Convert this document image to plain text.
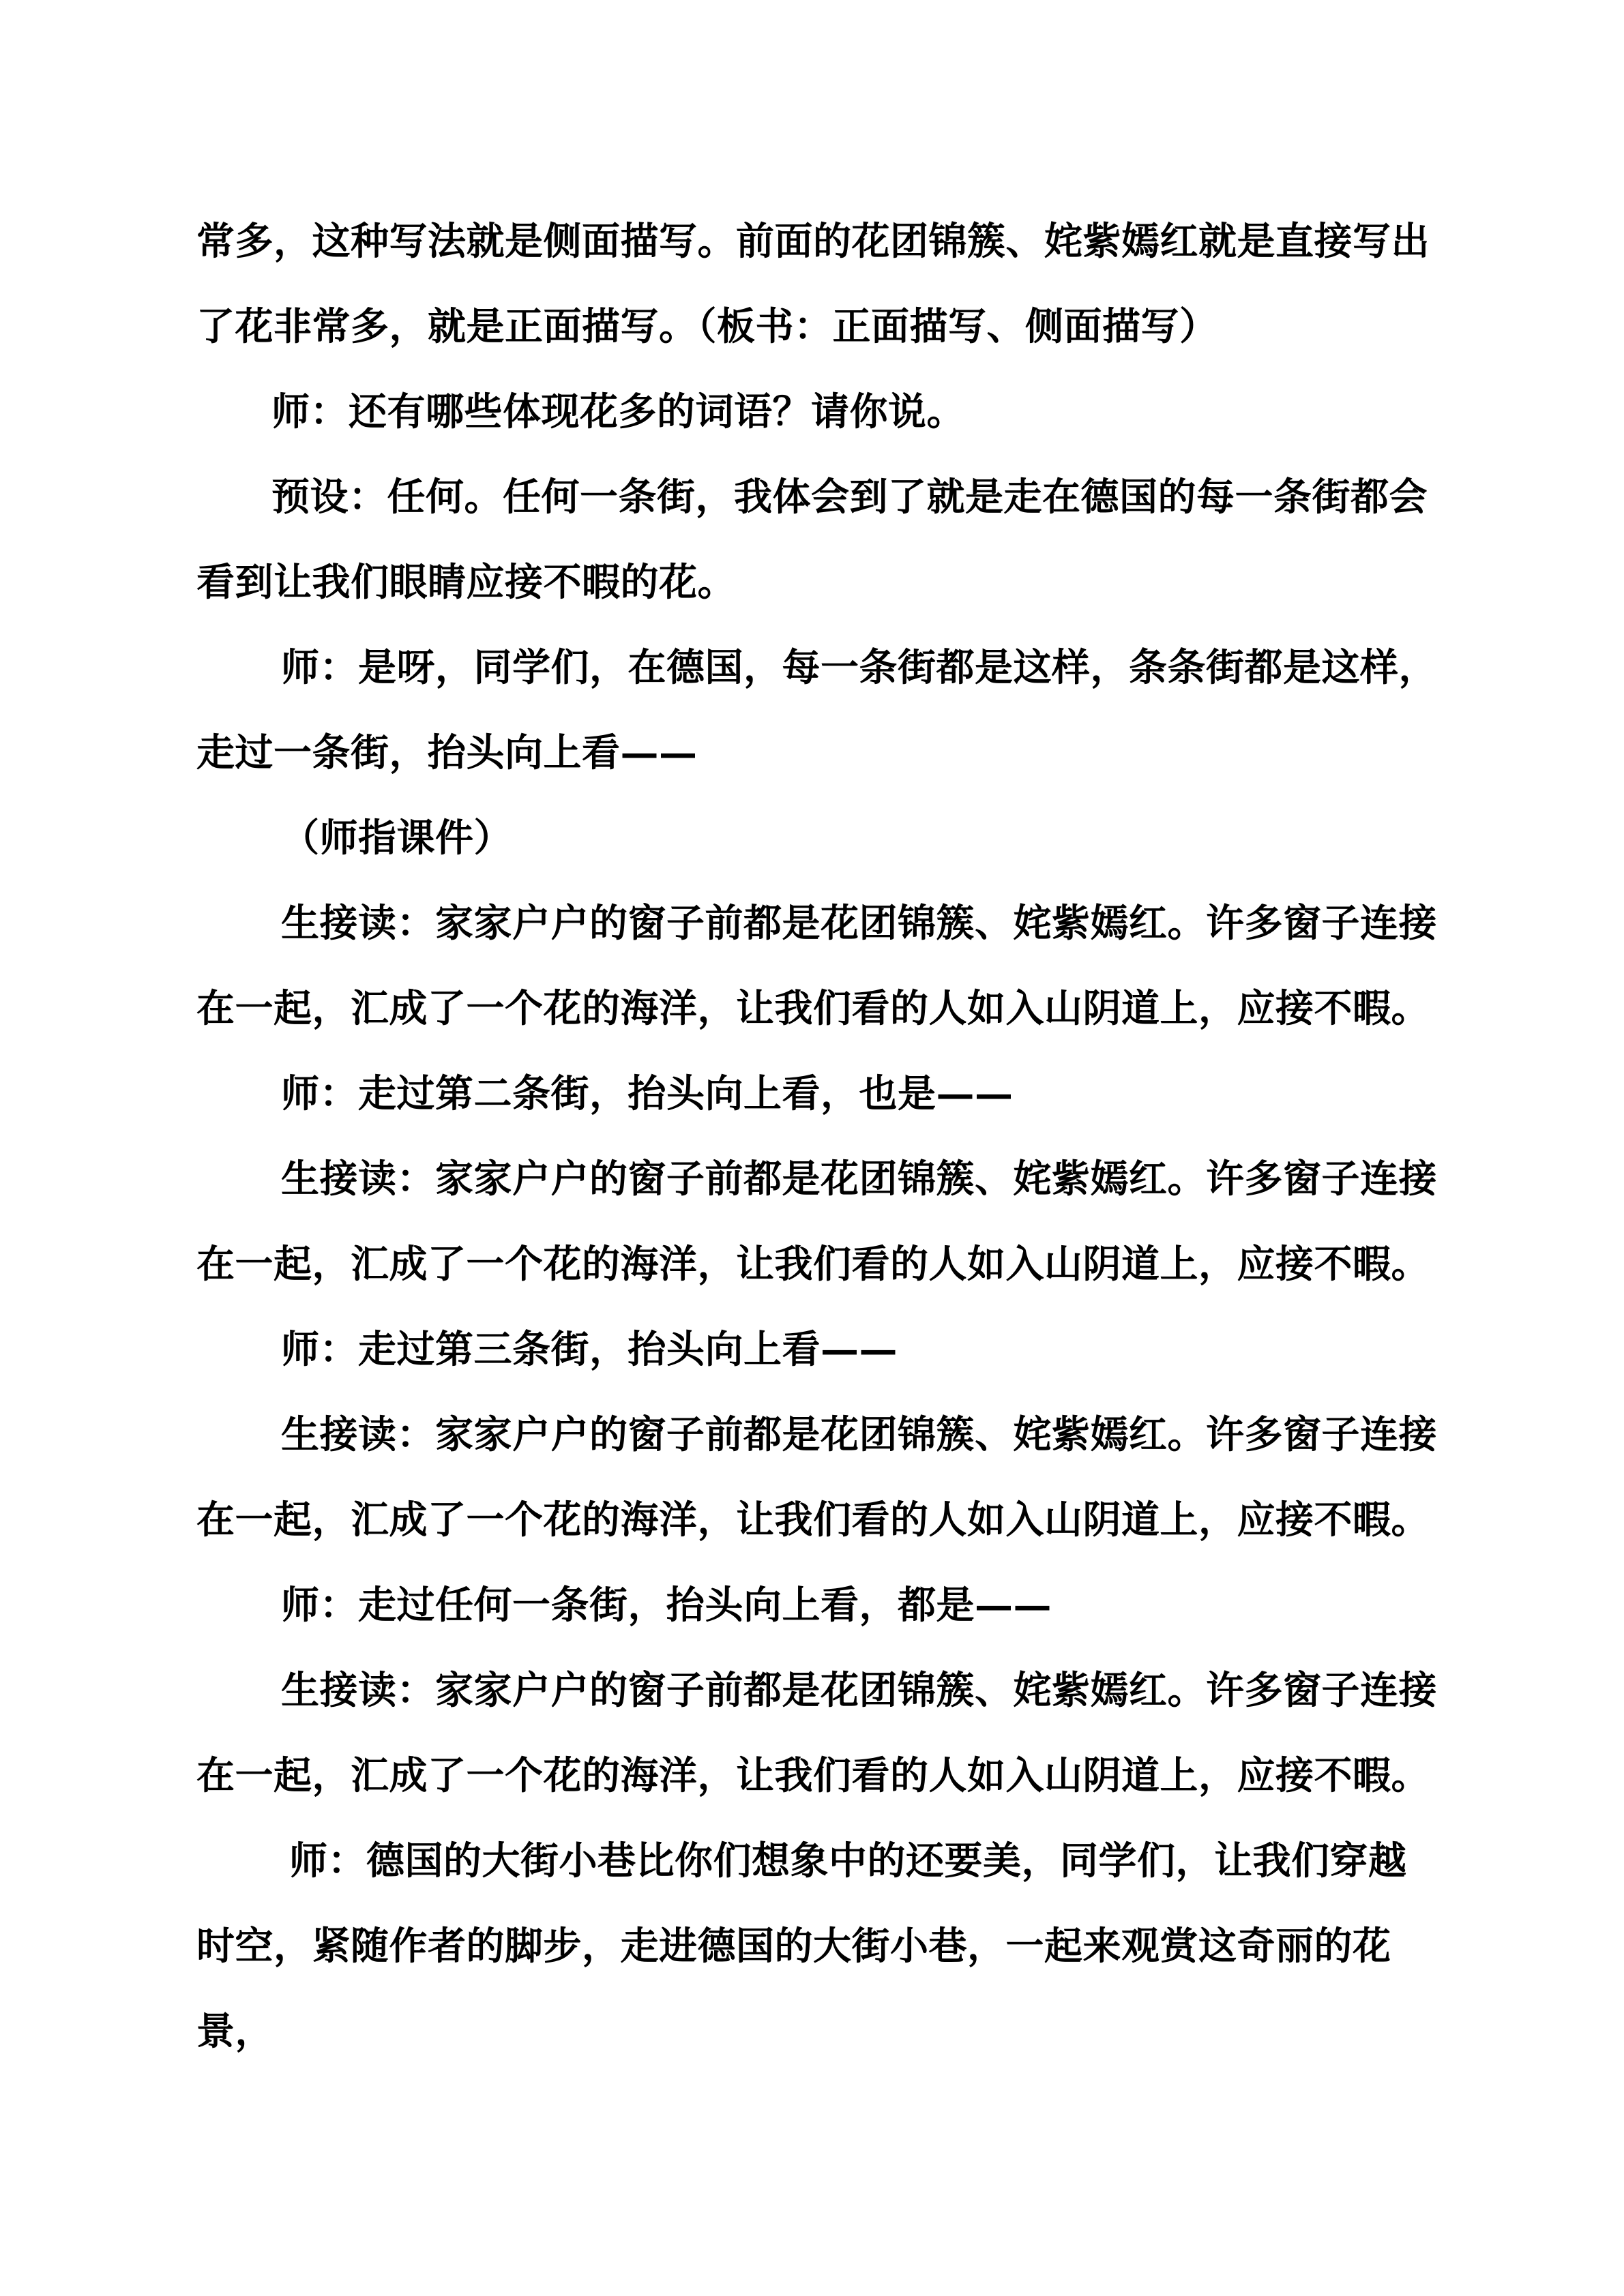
常多，这种写法就是侧面描写。前面的花团锦簇、姹紫嫣红就是直接写出了花非常多，就是正面描写。（板书：正面描写、侧面描写）

师：还有哪些体现花多的词语？请你说。

预设：任何。任何一条街，我体会到了就是走在德国的每一条街都会看到让我们眼睛应接不暇的花。

师：是呀，同学们，在德国，每一条街都是这样，条条街都是这样，走过一条街，抬头向上看——

（师指课件）

生接读：家家户户的窗子前都是花团锦簇、姹紫嫣红。许多窗子连接在一起，汇成了一个花的海洋，让我们看的人如入山阴道上，应接不暇。

师：走过第二条街，抬头向上看，也是——

生接读：家家户户的窗子前都是花团锦簇、姹紫嫣红。许多窗子连接在一起，汇成了一个花的海洋，让我们看的人如入山阴道上，应接不暇。

师：走过第三条街，抬头向上看——

生接读：家家户户的窗子前都是花团锦簇、姹紫嫣红。许多窗子连接在一起，汇成了一个花的海洋，让我们看的人如入山阴道上，应接不暇。

师：走过任何一条街，抬头向上看，都是——

生接读：家家户户的窗子前都是花团锦簇、姹紫嫣红。许多窗子连接在一起，汇成了一个花的海洋，让我们看的人如入山阴道上，应接不暇。

师：德国的大街小巷比你们想象中的还要美，同学们，让我们穿越时空，紧随作者的脚步，走进德国的大街小巷，一起来观赏这奇丽的花景，
